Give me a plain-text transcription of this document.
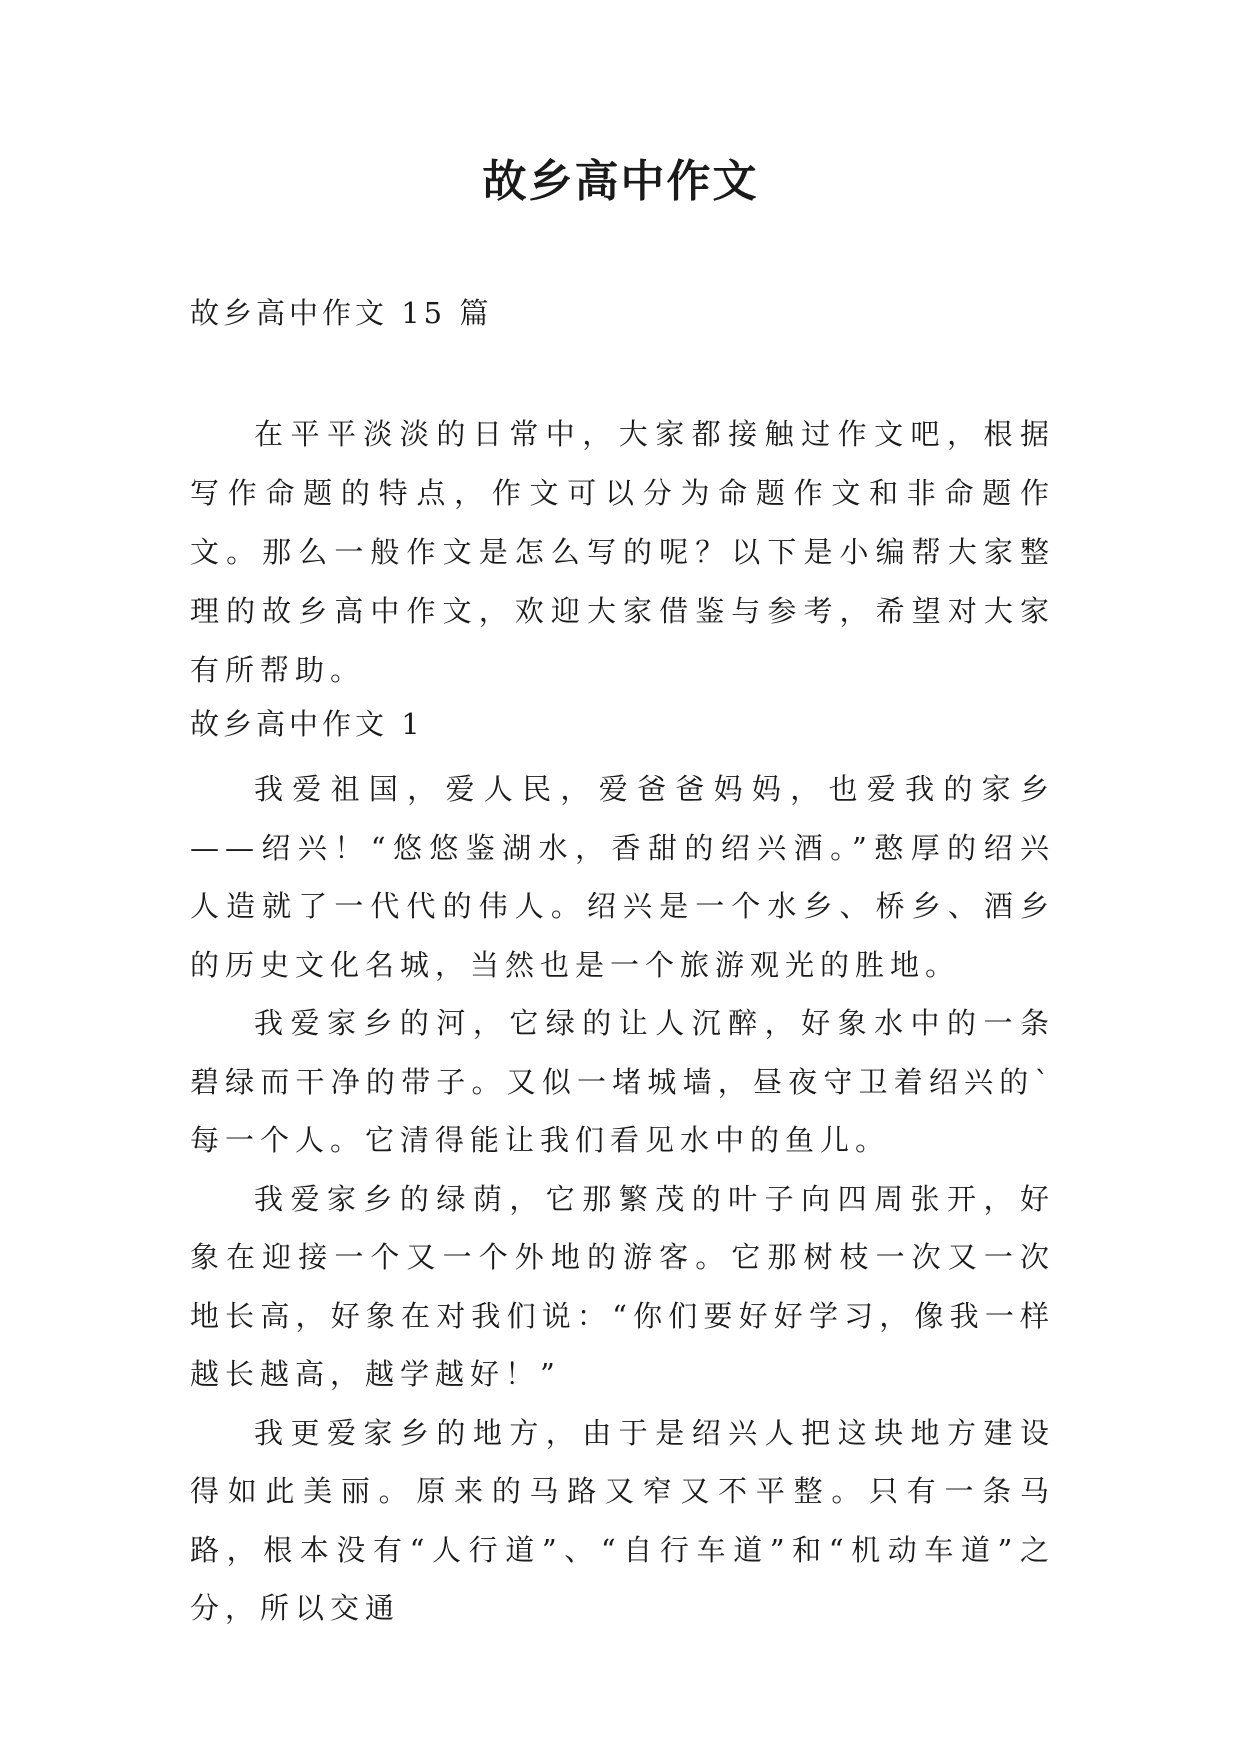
故乡高中作文

故乡高中作文 15 篇

在平平淡淡的日常中，大家都接触过作文吧，根据写作命题的特点，作文可以分为命题作文和非命题作文。那么一般作文是怎么写的呢？以下是小编帮大家整理的故乡高中作文，欢迎大家借鉴与参考，希望对大家有所帮助。

故乡高中作文 1

我爱祖国，爱人民，爱爸爸妈妈，也爱我的家乡——绍兴！“悠悠鉴湖水，香甜的绍兴酒。”憨厚的绍兴人造就了一代代的伟人。绍兴是一个水乡、桥乡、酒乡的历史文化名城，当然也是一个旅游观光的胜地。

我爱家乡的河，它绿的让人沉醉，好象水中的一条碧绿而干净的带子。又似一堵城墙，昼夜守卫着绍兴的`每一个人。它清得能让我们看见水中的鱼儿。

我爱家乡的绿荫，它那繁茂的叶子向四周张开，好象在迎接一个又一个外地的游客。它那树枝一次又一次地长高，好象在对我们说：“你们要好好学习，像我一样越长越高，越学越好！”

我更爱家乡的地方，由于是绍兴人把这块地方建设得如此美丽。原来的马路又窄又不平整。只有一条马路，根本没有“人行道”、“自行车道”和“机动车道”之分，所以交通
